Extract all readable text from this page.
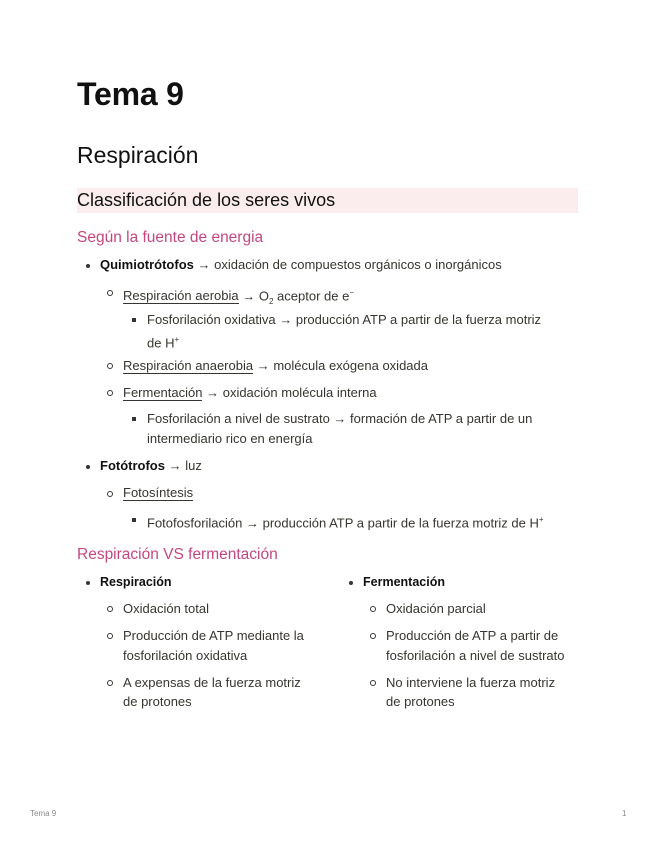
Tema 9
Respiración
Classificación de los seres vivos
Según la fuente de energia
Quimiotrótofos → oxidación de compuestos orgánicos o inorgánicos
Respiración aerobia → $O_2$ aceptor de e−
Fosforilación oxidativa → producción ATP a partir de la fuerza motriz
de H+
Respiración anaerobia → molécula exógena oxidada
Fermentación → oxidación molécula interna
Fosforilación a nivel de sustrato → formación de ATP a partir de un
intermediario rico en energía
Fotótrofos → luz
Fotosíntesis
Fotofosforilación → producción ATP a partir de la fuerza motriz de H+
Respiración VS fermentación
Respiración
Oxidación total
Producción de ATP mediante la
fosforilación oxidativa
A expensas de la fuerza motriz
de protones
Fermentación
Oxidación parcial
Producción de ATP a partir de
fosforilación a nivel de sustrato
No interviene la fuerza motriz
de protones
Tema 9	1
